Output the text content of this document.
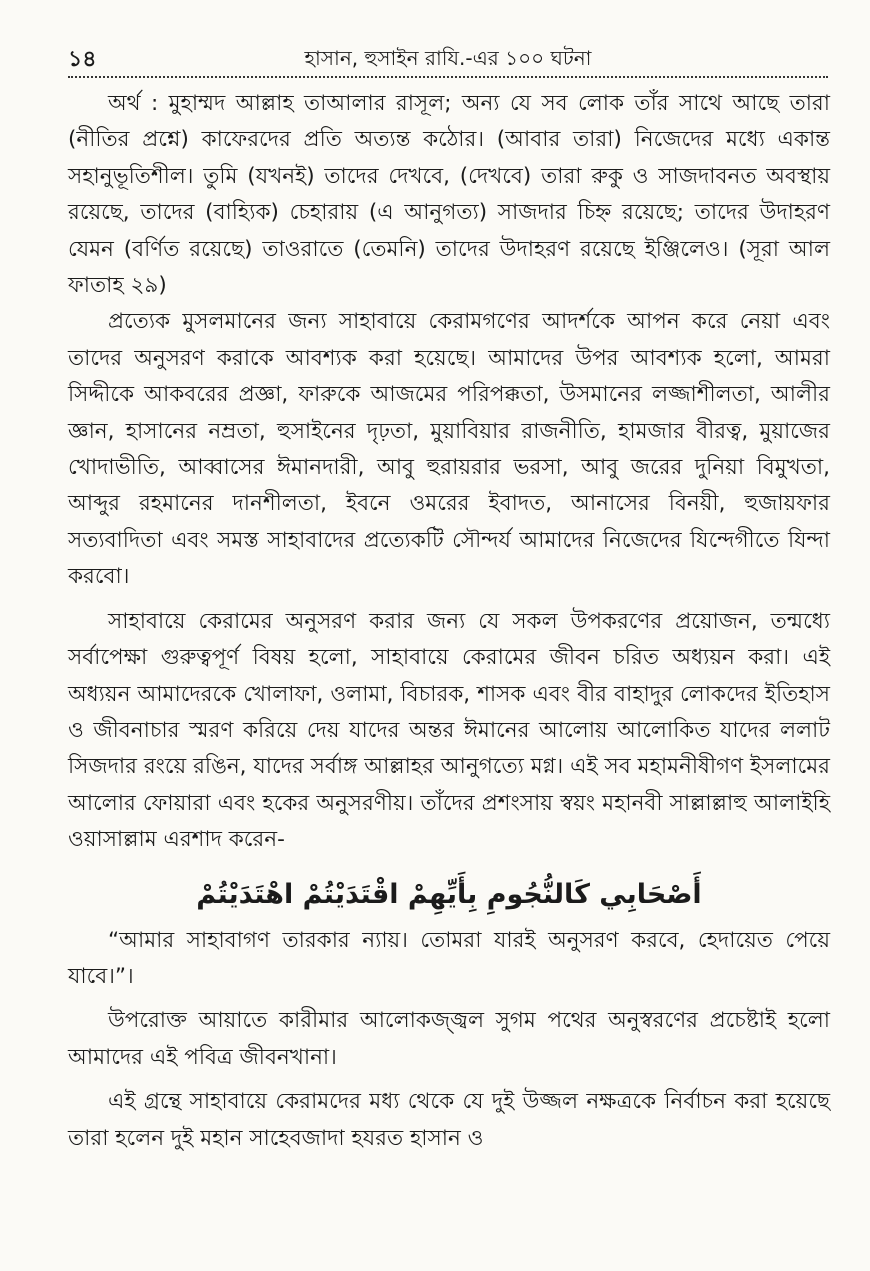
১৪	হাসান, হুসাইন রাযি.-এর ১০০ ঘটনা

অর্থ : মুহাম্মদ আল্লাহ তাআলার রাসূল; অন্য যে সব লোক তাঁর সাথে আছে তারা (নীতির প্রশ্নে) কাফেরদের প্রতি অত্যন্ত কঠোর। (আবার তারা) নিজেদের মধ্যে একান্ত সহানুভূতিশীল। তুমি (যখনই) তাদের দেখবে, (দেখবে) তারা রুকু ও সাজদাবনত অবস্থায় রয়েছে, তাদের (বাহ্যিক) চেহারায় (এ আনুগত্য) সাজদার চিহ্ন রয়েছে; তাদের উদাহরণ যেমন (বর্ণিত রয়েছে) তাওরাতে (তেমনি) তাদের উদাহরণ রয়েছে ইঞ্জিলেও। (সূরা আল ফাতাহ ২৯)

প্রত্যেক মুসলমানের জন্য সাহাবায়ে কেরামগণের আদর্শকে আপন করে নেয়া এবং তাদের অনুসরণ করাকে আবশ্যক করা হয়েছে। আমাদের উপর আবশ্যক হলো, আমরা সিদ্দীকে আকবরের প্রজ্ঞা, ফারুকে আজমের পরিপক্কতা, উসমানের লজ্জাশীলতা, আলীর জ্ঞান, হাসানের নম্রতা, হুসাইনের দৃঢ়তা, মুয়াবিয়ার রাজনীতি, হামজার বীরত্ব, মুয়াজের খোদাভীতি, আব্বাসের ঈমানদারী, আবু হুরায়রার ভরসা, আবু জরের দুনিয়া বিমুখতা, আব্দুর রহমানের দানশীলতা, ইবনে ওমরের ইবাদত, আনাসের বিনয়ী, হুজায়ফার সত্যবাদিতা এবং সমস্ত সাহাবাদের প্রত্যেকটি সৌন্দর্য আমাদের নিজেদের যিন্দেগীতে যিন্দা করবো।

সাহাবায়ে কেরামের অনুসরণ করার জন্য যে সকল উপকরণের প্রয়োজন, তন্মধ্যে সর্বাপেক্ষা গুরুত্বপূর্ণ বিষয় হলো, সাহাবায়ে কেরামের জীবন চরিত অধ্যয়ন করা। এই অধ্যয়ন আমাদেরকে খোলাফা, ওলামা, বিচারক, শাসক এবং বীর বাহাদুর লোকদের ইতিহাস ও জীবনাচার স্মরণ করিয়ে দেয় যাদের অন্তর ঈমানের আলোয় আলোকিত যাদের ললাট সিজদার রংয়ে রঙিন, যাদের সর্বাঙ্গ আল্লাহর আনুগত্যে মগ্ন। এই সব মহামনীষীগণ ইসলামের আলোর ফোয়ারা এবং হকের অনুসরণীয়। তাঁদের প্রশংসায় স্বয়ং মহানবী সাল্লাল্লাহু আলাইহি ওয়াসাল্লাম এরশাদ করেন-

أَصْحَابِي كَالنُّجُومِ بِأَيِّهِمْ اقْتَدَيْتُمْ اهْتَدَيْتُمْ

“আমার সাহাবাগণ তারকার ন্যায়। তোমরা যারই অনুসরণ করবে, হেদায়েত পেয়ে যাবে।”।

উপরোক্ত আয়াতে কারীমার আলোকজ্জ্বল সুগম পথের অনুস্বরণের প্রচেষ্টাই হলো আমাদের এই পবিত্র জীবনখানা।

এই গ্রন্থে সাহাবায়ে কেরামদের মধ্য থেকে যে দুই উজ্জল নক্ষত্রকে নির্বাচন করা হয়েছে তারা হলেন দুই মহান সাহেবজাদা হযরত হাসান ও
